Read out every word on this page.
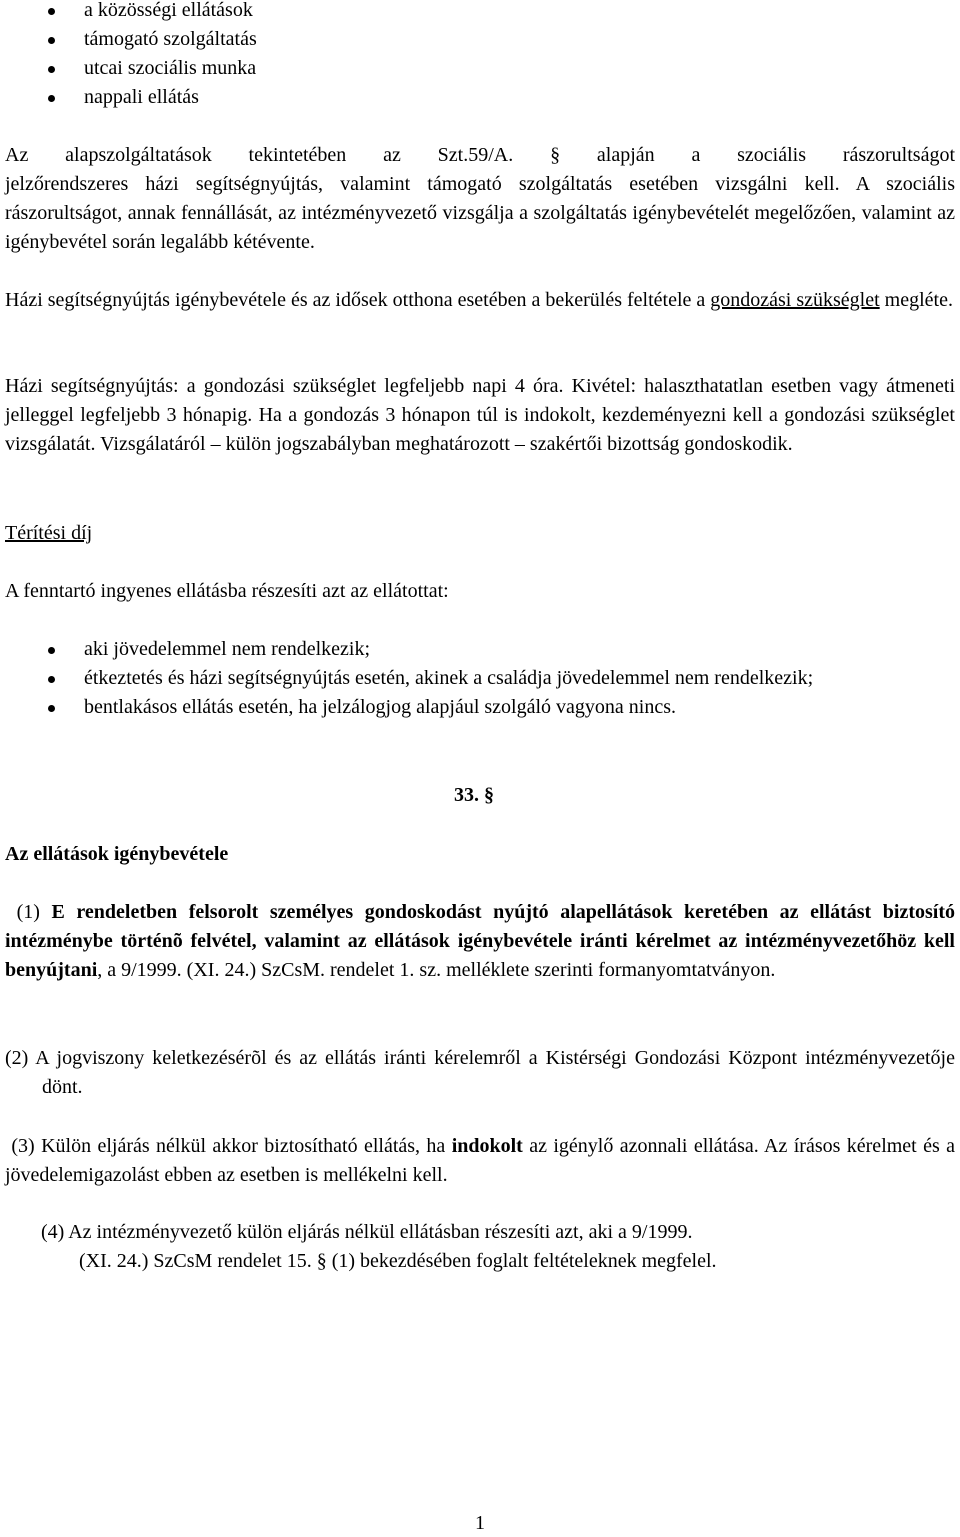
a közösségi ellátások
támogató szolgáltatás
utcai szociális munka
nappali ellátás

Az alapszolgáltatások tekintetében az Szt.59/A. § alapján a szociális rászorultságot

jelzőrendszeres házi segítségnyújtás, valamint támogató szolgáltatás esetében vizsgálni kell. A szociális rászorultságot, annak fennállását, az intézményvezető vizsgálja a szolgáltatás igénybevételét megelőzően, valamint az igénybevétel során legalább kétévente.

Házi segítségnyújtás igénybevétele és az idősek otthona esetében a bekerülés feltétele a gondozási szükséglet megléte.

Házi segítségnyújtás: a gondozási szükséglet legfeljebb napi 4 óra. Kivétel: halaszthatatlan esetben vagy átmeneti jelleggel legfeljebb 3 hónapig. Ha a gondozás 3 hónapon túl is indokolt, kezdeményezni kell a gondozási szükséglet vizsgálatát. Vizsgálatáról – külön jogszabályban meghatározott – szakértői bizottság gondoskodik.

Térítési díj

A fenntartó ingyenes ellátásba részesíti azt az ellátottat:

aki jövedelemmel nem rendelkezik;
étkeztetés és házi segítségnyújtás esetén, akinek a családja jövedelemmel nem rendelkezik;
bentlakásos ellátás esetén, ha jelzálogjog alapjául szolgáló vagyona nincs.
33. §

Az ellátások igénybevétele

(1) E rendeletben felsorolt személyes gondoskodást nyújtó alapellátások keretében az ellátást biztosító intézménybe történõ felvétel, valamint az ellátások igénybevétele iránti kérelmet az intézményvezetőhöz kell benyújtani, a 9/1999. (XI. 24.) SzCsM. rendelet 1. sz. melléklete szerinti formanyomtatványon.

(2) A jogviszony keletkezésérõl és az ellátás iránti kérelemről a Kistérségi Gondozási Központ intézményvezetője dönt.

(3) Külön eljárás nélkül akkor biztosítható ellátás, ha indokolt az igénylő azonnali ellátása. Az írásos kérelmet és a jövedelemigazolást ebben az esetben is mellékelni kell.

(4) Az intézményvezető külön eljárás nélkül ellátásban részesíti azt, aki a 9/1999.

(XI. 24.) SzCsM rendelet 15. § (1) bekezdésében foglalt feltételeknek megfelel.

1
